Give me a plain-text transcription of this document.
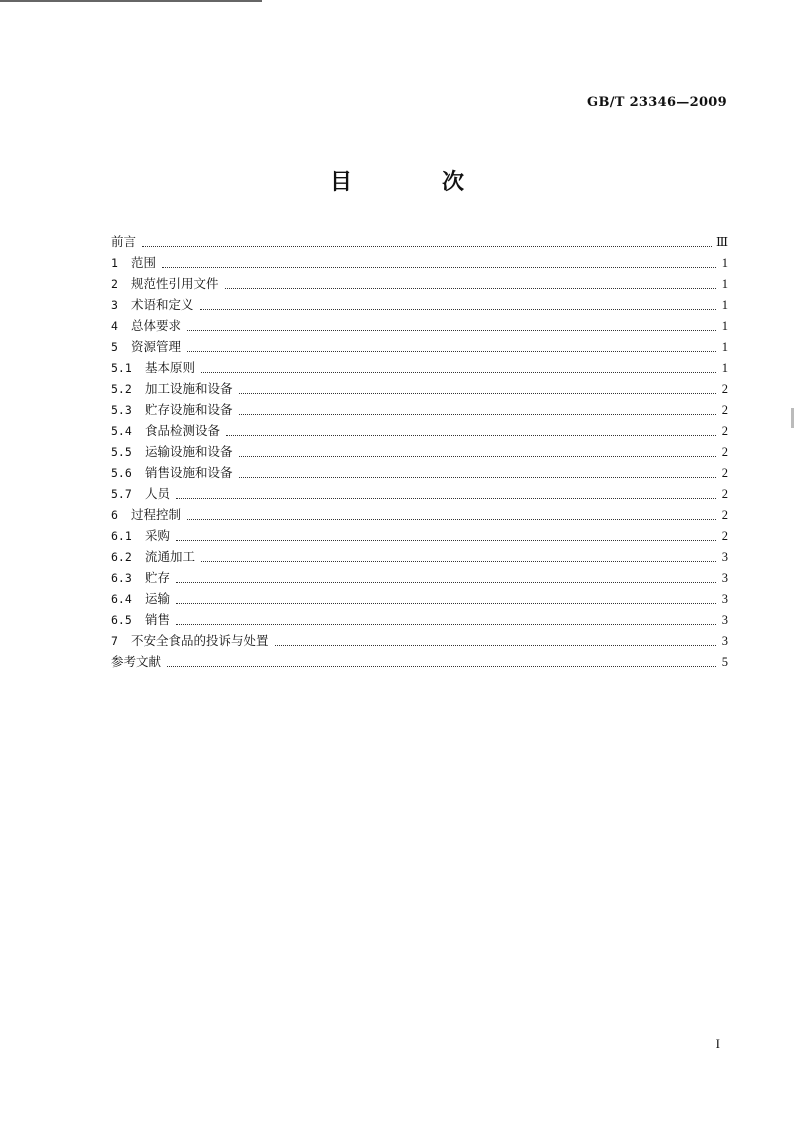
GB/T 23346—2009
目　次
前言	Ⅲ
1	范围	1
2	规范性引用文件	1
3	术语和定义	1
4	总体要求	1
5	资源管理	1
5.1	基本原则	1
5.2	加工设施和设备	2
5.3	贮存设施和设备	2
5.4	食品检测设备	2
5.5	运输设施和设备	2
5.6	销售设施和设备	2
5.7	人员	2
6	过程控制	2
6.1	采购	2
6.2	流通加工	3
6.3	贮存	3
6.4	运输	3
6.5	销售	3
7	不安全食品的投诉与处置	3
参考文献	5
I
